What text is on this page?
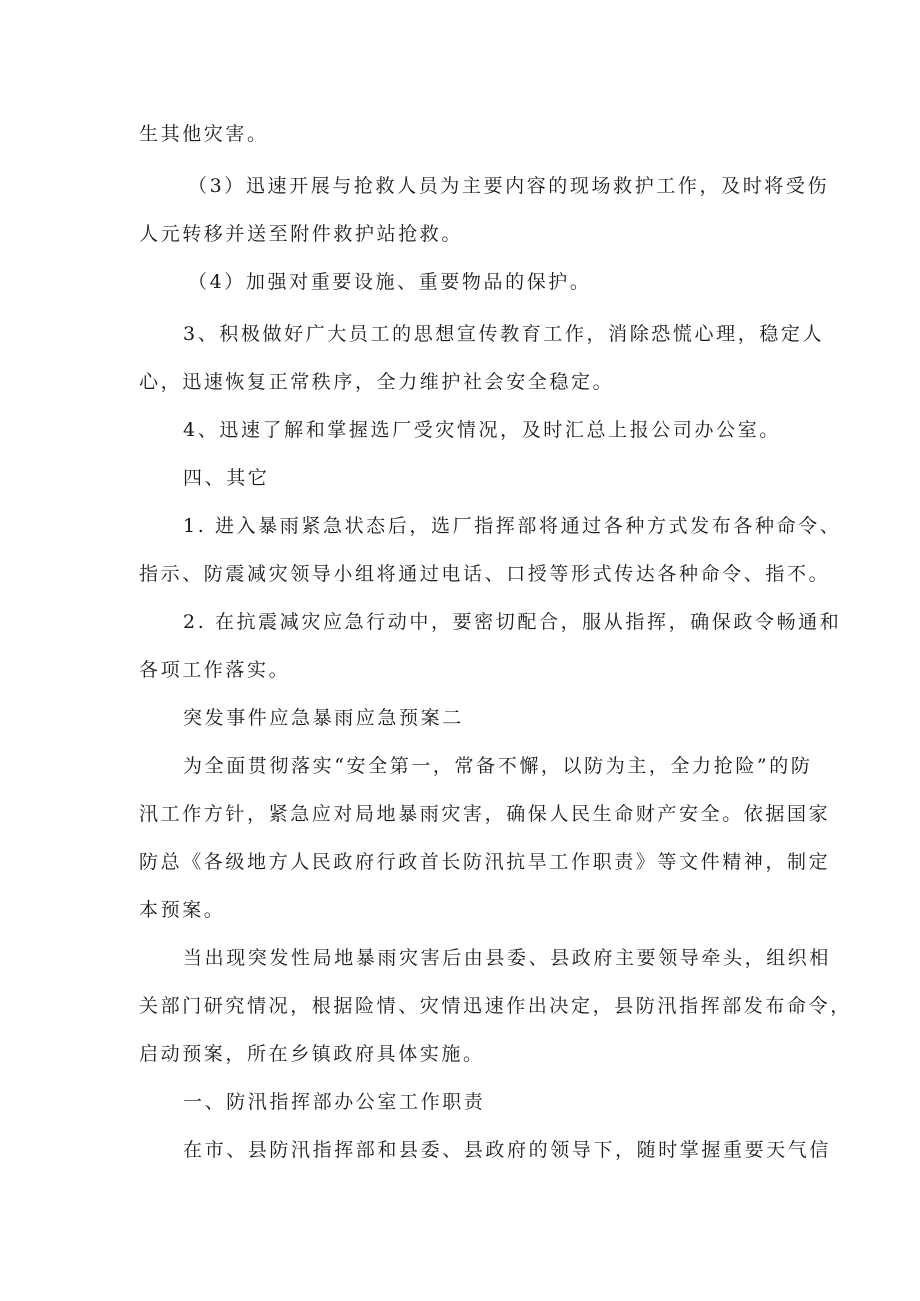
生其他灾害。
（3）迅速开展与抢救人员为主要内容的现场救护工作，及时将受伤
人元转移并送至附件救护站抢救。
（4）加强对重要设施、重要物品的保护。
3、积极做好广大员工的思想宣传教育工作，消除恐慌心理，稳定人
心，迅速恢复正常秩序，全力维护社会安全稳定。
4、迅速了解和掌握选厂受灾情况，及时汇总上报公司办公室。
四、其它
1. 进入暴雨紧急状态后，选厂指挥部将通过各种方式发布各种命令、
指示、防震减灾领导小组将通过电话、口授等形式传达各种命令、指不。
2. 在抗震减灾应急行动中，要密切配合，服从指挥，确保政令畅通和
各项工作落实。
突发事件应急暴雨应急预案二
为全面贯彻落实“安全第一，常备不懈，以防为主，全力抢险”的防
汛工作方针，紧急应对局地暴雨灾害，确保人民生命财产安全。依据国家
防总《各级地方人民政府行政首长防汛抗旱工作职责》等文件精神，制定
本预案。
当出现突发性局地暴雨灾害后由县委、县政府主要领导牵头，组织相
关部门研究情况，根据险情、灾情迅速作出决定，县防汛指挥部发布命令，
启动预案，所在乡镇政府具体实施。
一、防汛指挥部办公室工作职责
在市、县防汛指挥部和县委、县政府的领导下，随时掌握重要天气信
